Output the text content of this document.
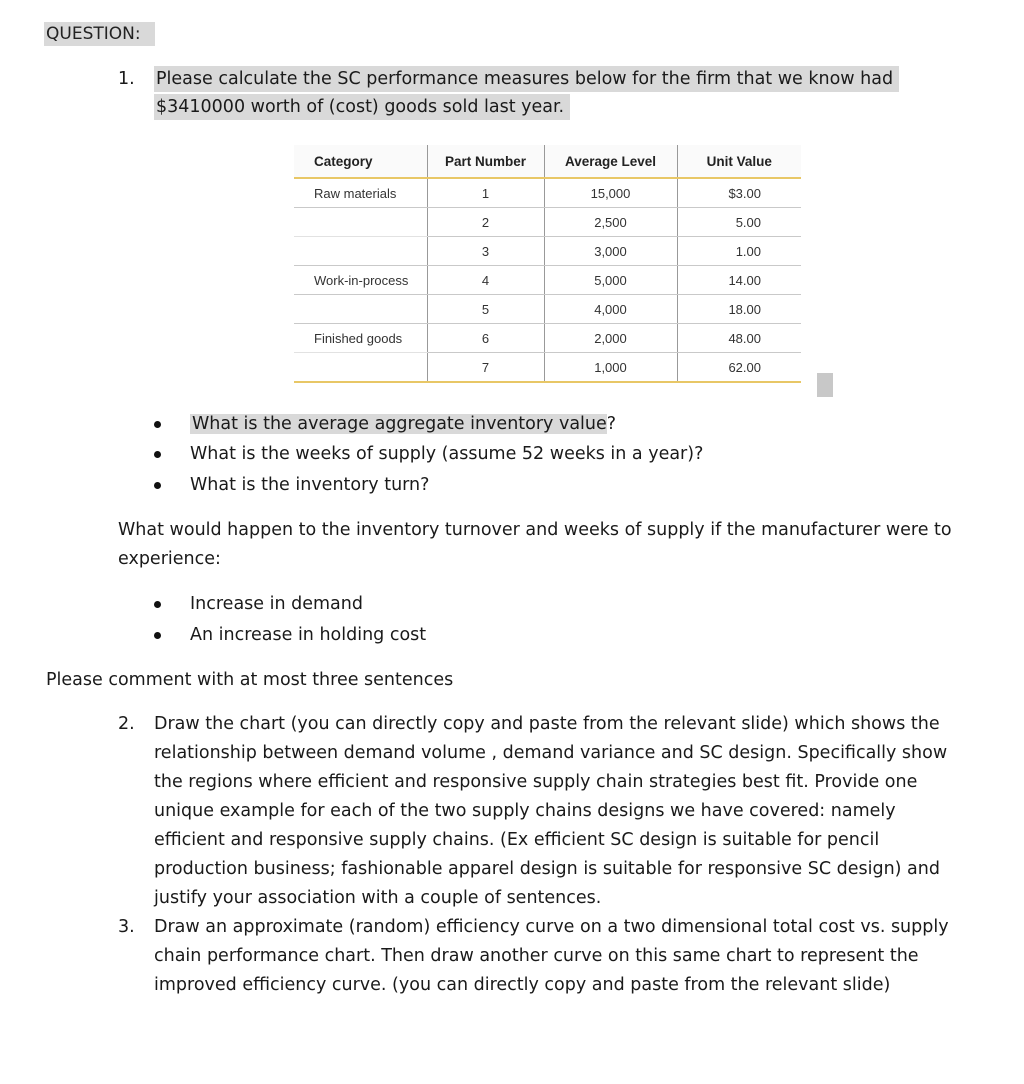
QUESTION:
1. Please calculate the SC performance measures below for the firm that we know had
$3410000 worth of (cost) goods sold last year.
Category	Part Number	Average Level	Unit Value
Raw materials	1	15,000	$3.00
	2	2,500	5.00
	3	3,000	1.00
Work-in-process	4	5,000	14.00
	5	4,000	18.00
Finished goods	6	2,000	48.00
	7	1,000	62.00
What is the average aggregate inventory value?
What is the weeks of supply (assume 52 weeks in a year)?
What is the inventory turn?
What would happen to the inventory turnover and weeks of supply if the manufacturer were to
experience:
Increase in demand
An increase in holding cost
Please comment with at most three sentences
2. Draw the chart (you can directly copy and paste from the relevant slide) which shows the
relationship between demand volume , demand variance and SC design. Specifically show
the regions where efficient and responsive supply chain strategies best fit. Provide one
unique example for each of the two supply chains designs we have covered: namely
efficient and responsive supply chains. (Ex efficient SC design is suitable for pencil
production business; fashionable apparel design is suitable for responsive SC design) and
justify your association with a couple of sentences.
3. Draw an approximate (random) efficiency curve on a two dimensional total cost vs. supply
chain performance chart. Then draw another curve on this same chart to represent the
improved efficiency curve. (you can directly copy and paste from the relevant slide)
